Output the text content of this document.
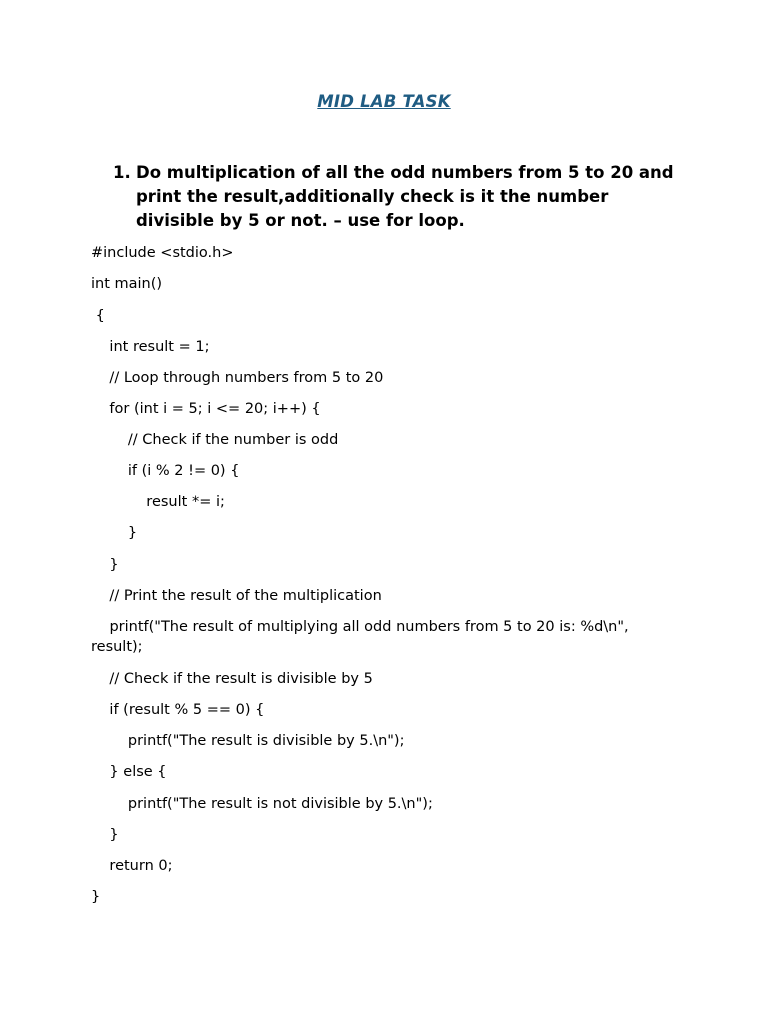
MID LAB TASK
1. Do multiplication of all the odd numbers from 5 to 20 and print the result,additionally check is it the number divisible by 5 or not. – use for loop.
#include <stdio.h>
int main()
{
int result = 1;
// Loop through numbers from 5 to 20
for (int i = 5; i <= 20; i++) {
// Check if the number is odd
if (i % 2 != 0) {
result *= i;
}
}
// Print the result of the multiplication
printf("The result of multiplying all odd numbers from 5 to 20 is: %d\n", result);
// Check if the result is divisible by 5
if (result % 5 == 0) {
printf("The result is divisible by 5.\n");
} else {
printf("The result is not divisible by 5.\n");
}
return 0;
}
